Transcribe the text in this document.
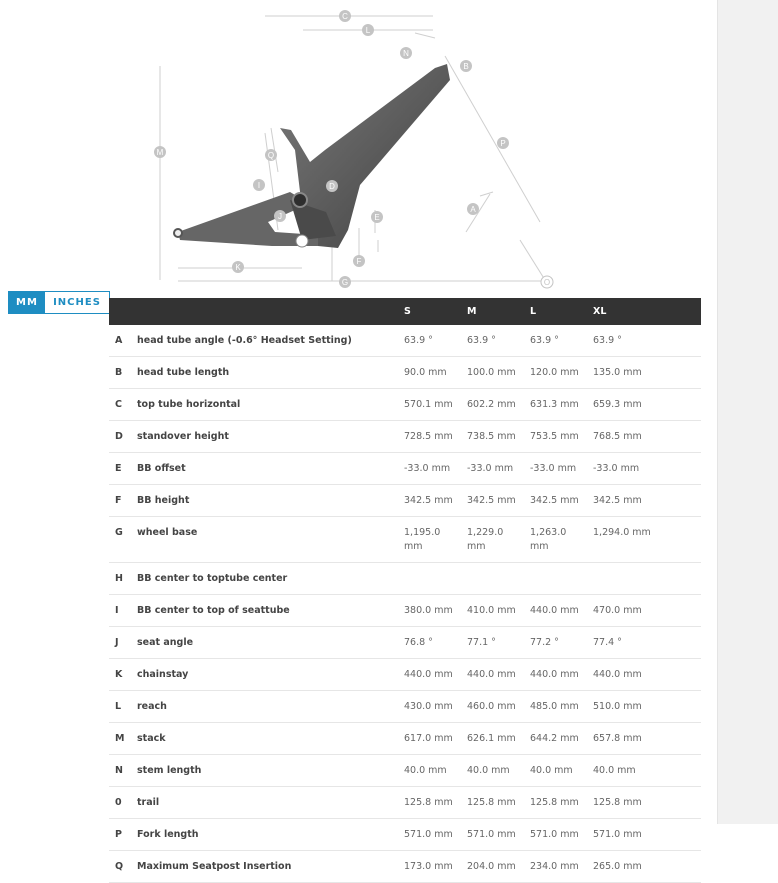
C
L
N
B
P
M	Q
I	D
J	E
A
K
F
G	O
MM	INCHES
		S	M	L	XL
A	head tube angle (-0.6° Headset Setting)	63.9 °	63.9 °	63.9 °	63.9 °
B	head tube length	90.0 mm	100.0 mm	120.0 mm	135.0 mm
C	top tube horizontal	570.1 mm	602.2 mm	631.3 mm	659.3 mm
D	standover height	728.5 mm	738.5 mm	753.5 mm	768.5 mm
E	BB offset	-33.0 mm	-33.0 mm	-33.0 mm	-33.0 mm
F	BB height	342.5 mm	342.5 mm	342.5 mm	342.5 mm
G	wheel base	1,195.0 mm	1,229.0 mm	1,263.0 mm	1,294.0 mm
H	BB center to toptube center				
I	BB center to top of seattube	380.0 mm	410.0 mm	440.0 mm	470.0 mm
J	seat angle	76.8 °	77.1 °	77.2 °	77.4 °
K	chainstay	440.0 mm	440.0 mm	440.0 mm	440.0 mm
L	reach	430.0 mm	460.0 mm	485.0 mm	510.0 mm
M	stack	617.0 mm	626.1 mm	644.2 mm	657.8 mm
N	stem length	40.0 mm	40.0 mm	40.0 mm	40.0 mm
0	trail	125.8 mm	125.8 mm	125.8 mm	125.8 mm
P	Fork length	571.0 mm	571.0 mm	571.0 mm	571.0 mm
Q	Maximum Seatpost Insertion	173.0 mm	204.0 mm	234.0 mm	265.0 mm
